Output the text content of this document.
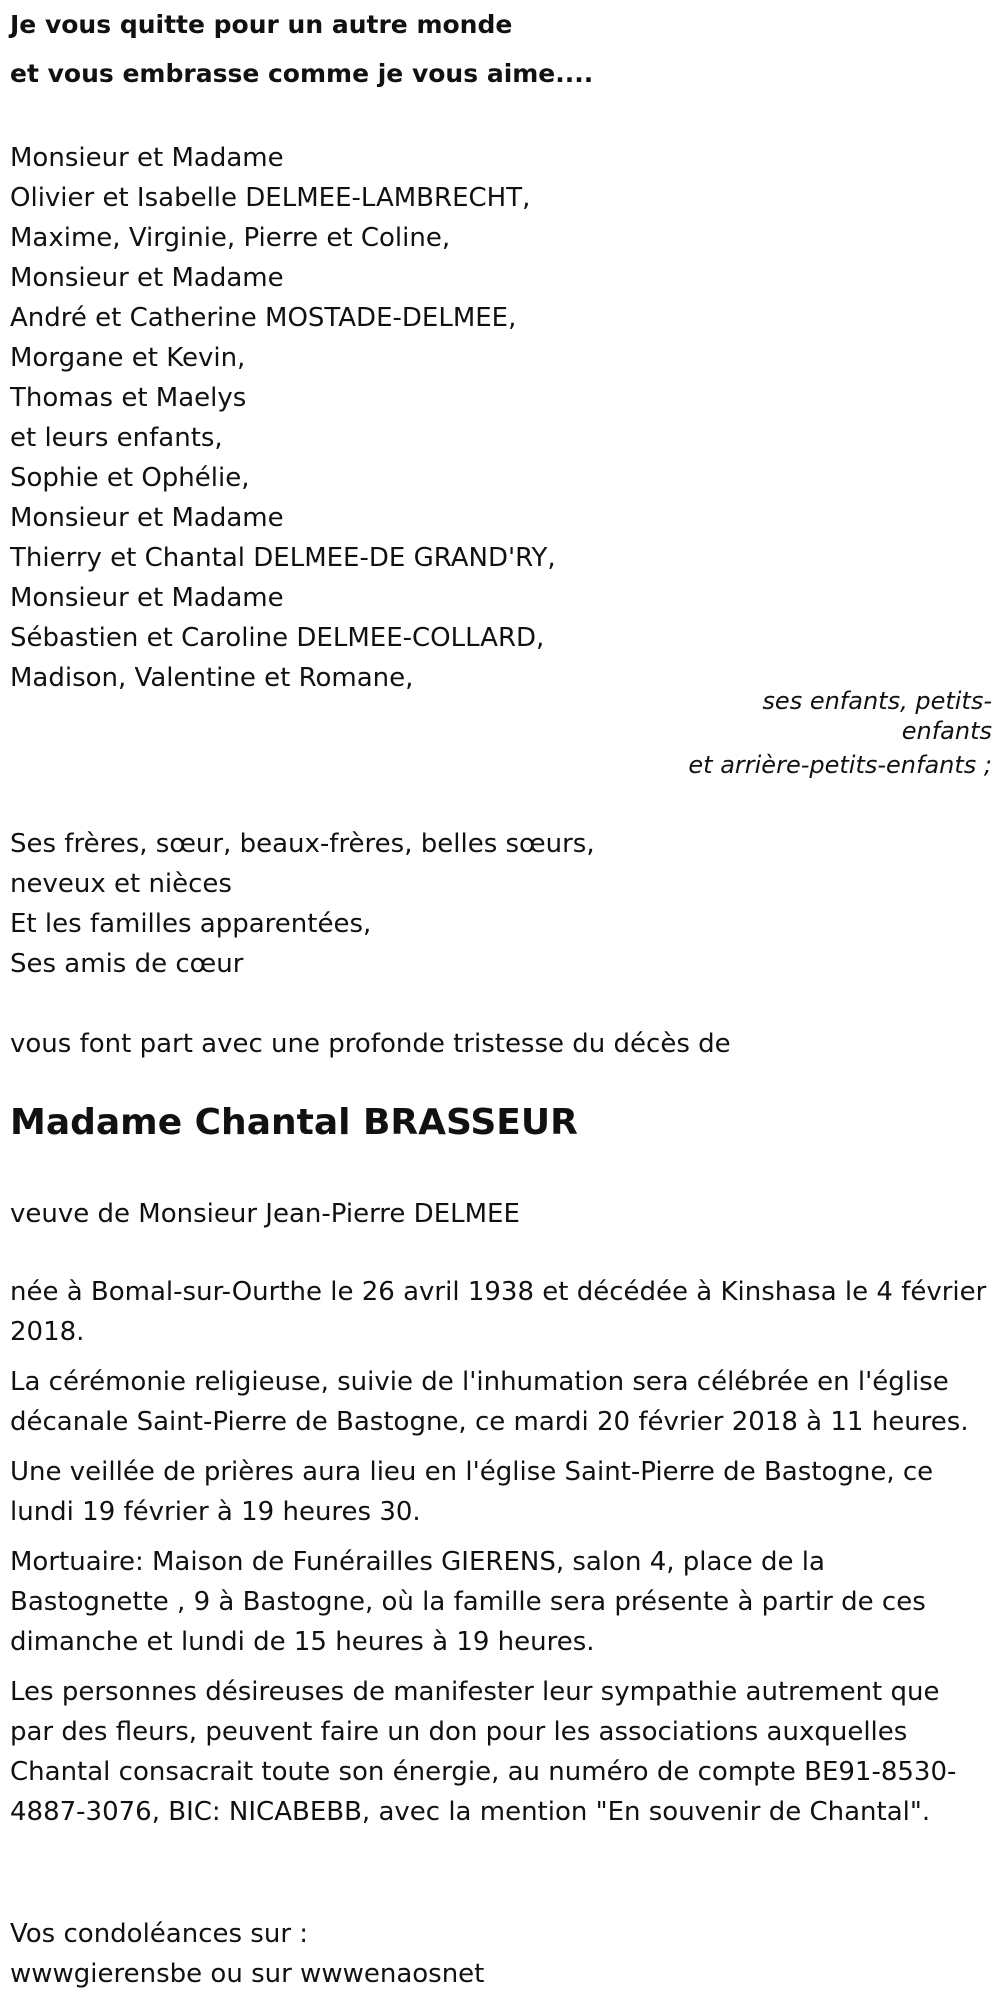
Je vous quitte pour un autre monde

et vous embrasse comme je vous aime....

Monsieur et Madame
Olivier et Isabelle DELMEE-LAMBRECHT,
Maxime, Virginie, Pierre et Coline,
Monsieur et Madame
André et Catherine MOSTADE-DELMEE,
Morgane et Kevin,
Thomas et Maelys
et leurs enfants,
Sophie et Ophélie,
Monsieur et Madame
Thierry et Chantal DELMEE-DE GRAND'RY,
Monsieur et Madame
Sébastien et Caroline DELMEE-COLLARD,
Madison, Valentine et Romane,
ses enfants, petits-enfants
et arrière-petits-enfants ;
Ses frères, sœur, beaux-frères, belles sœurs,
neveux et nièces
Et les familles apparentées,
Ses amis de cœur
vous font part avec une profonde tristesse du décès de
Madame Chantal BRASSEUR
veuve de Monsieur Jean-Pierre DELMEE

née à Bomal-sur-Ourthe le 26 avril 1938 et décédée à Kinshasa le 4 février 2018.

La cérémonie religieuse, suivie de l'inhumation sera célébrée en l'église décanale Saint-Pierre de Bastogne, ce mardi 20 février 2018 à 11 heures.

Une veillée de prières aura lieu en l'église Saint-Pierre de Bastogne, ce lundi 19 février à 19 heures 30.

Mortuaire: Maison de Funérailles GIERENS, salon 4, place de la Bastognette , 9 à Bastogne, où la famille sera présente à partir de ces dimanche et lundi de 15 heures à 19 heures.

Les personnes désireuses de manifester leur sympathie autrement que par des fleurs, peuvent faire un don pour les associations auxquelles Chantal consacrait toute son énergie, au numéro de compte BE91-8530-4887-3076, BIC: NICABEBB, avec la mention "En souvenir de Chantal".

Vos condoléances sur :
wwwgierensbe ou sur wwwenaosnet
